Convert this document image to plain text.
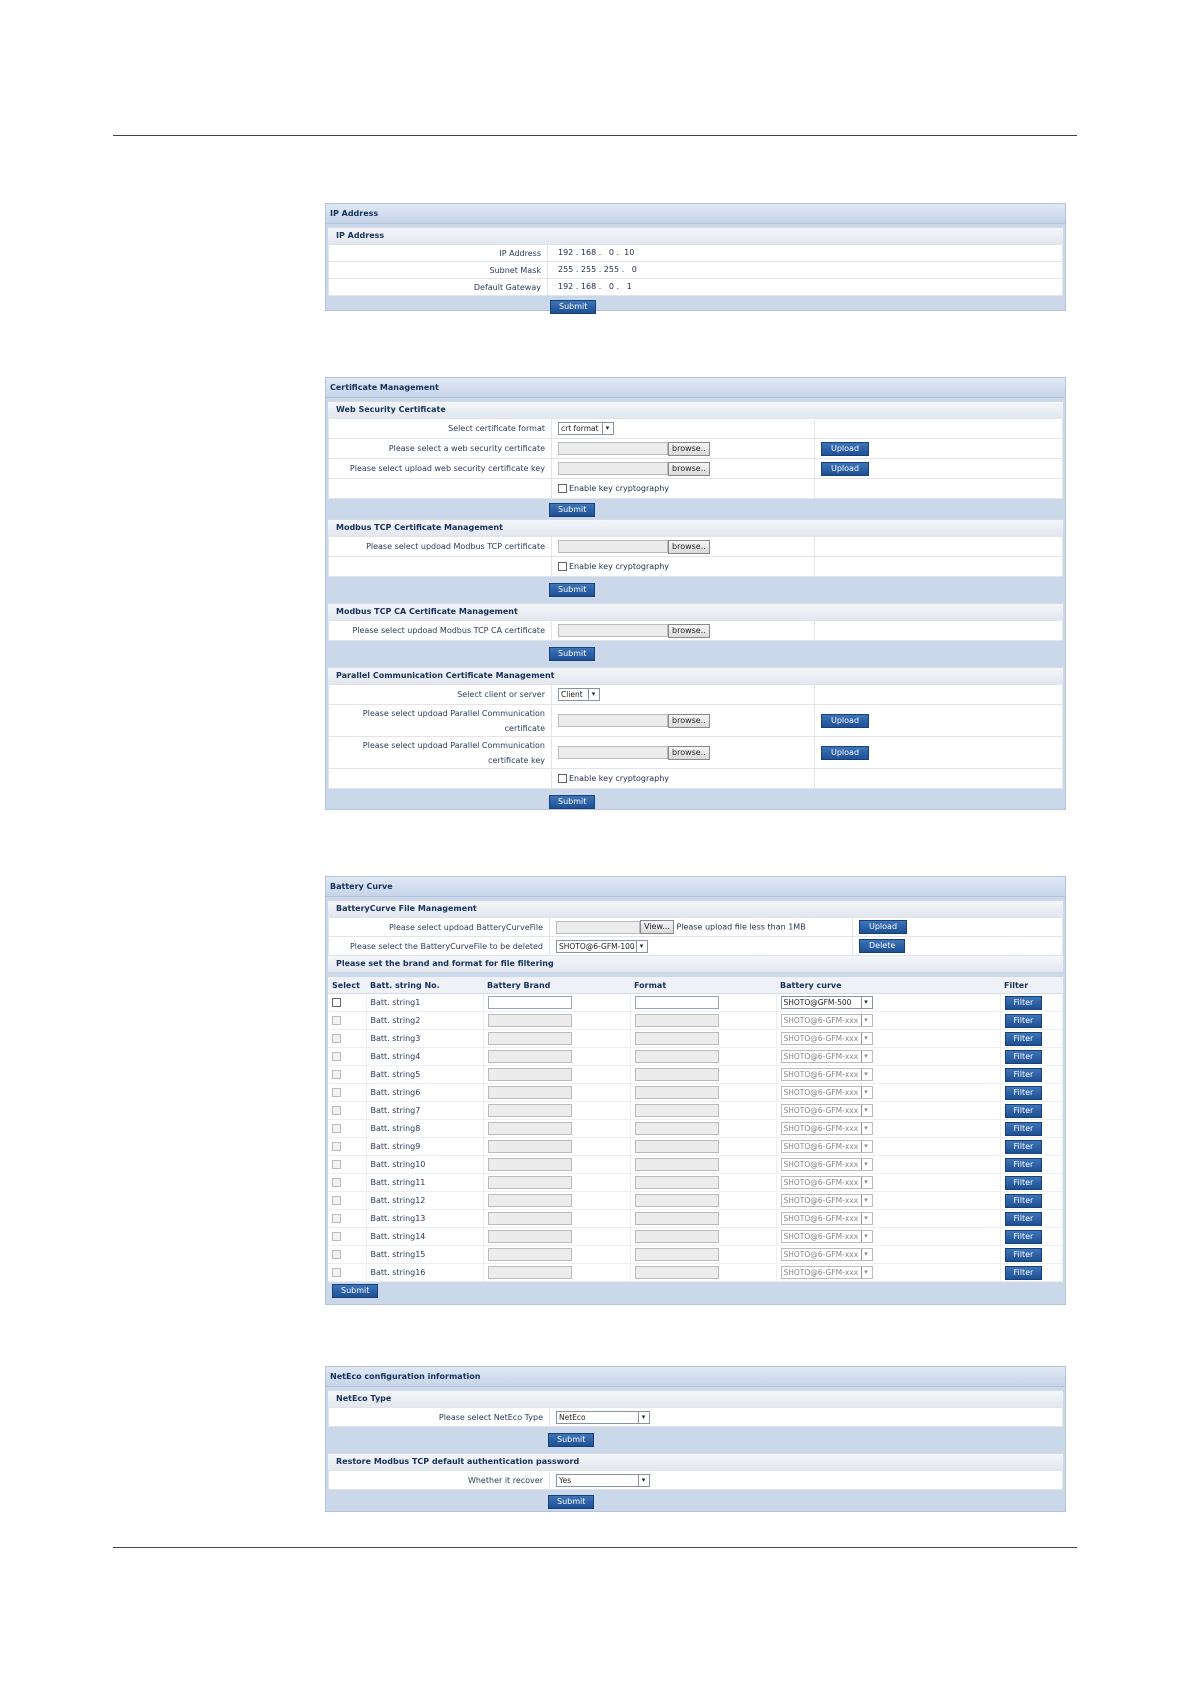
IP Address
IP Address
IP Address	192 . 168 .   0 .  10
Subnet Mask	255 . 255 . 255 .   0
Default Gateway	192 . 168 .   0 .   1
Submit
Certificate Management
Web Security Certificate
Select certificate format	crt format ▾	

Please select a web security certificate	browse..	Upload
Please select upload web security certificate key	browse..	Upload
	Enable key cryptography	
Submit
Modbus TCP Certificate Management
Please select updoad Modbus TCP certificate	browse..	
	Enable key cryptography	
Submit
Modbus TCP CA Certificate Management
Please select updoad Modbus TCP CA certificate	browse..	
Submit
Parallel Communication Certificate Management
Select client or server	Client ▾	

Please select updoad Parallel Communication
certificate	browse..	Upload
Please select updoad Parallel Communication
certificate key	browse..	Upload
	Enable key cryptography	
Submit
Battery Curve
BatteryCurve File Management
Please select updoad BatteryCurveFile	View... Please upload file less than 1MB	Upload
Please select the BatteryCurveFile to be deleted	SHOTO@6-GFM-100 ▾	Delete
Please set the brand and format for file filtering
Select	Batt. string No.	Battery Brand	Format	Battery curve	Filter
	Batt. string1			SHOTO@GFM-500 ▾	Filter
	Batt. string2			SHOTO@6-GFM-xxx ▾	Filter
	Batt. string3			SHOTO@6-GFM-xxx ▾	Filter
	Batt. string4			SHOTO@6-GFM-xxx ▾	Filter
	Batt. string5			SHOTO@6-GFM-xxx ▾	Filter
	Batt. string6			SHOTO@6-GFM-xxx ▾	Filter
	Batt. string7			SHOTO@6-GFM-xxx ▾	Filter
	Batt. string8			SHOTO@6-GFM-xxx ▾	Filter
	Batt. string9			SHOTO@6-GFM-xxx ▾	Filter
	Batt. string10			SHOTO@6-GFM-xxx ▾	Filter
	Batt. string11			SHOTO@6-GFM-xxx ▾	Filter
	Batt. string12			SHOTO@6-GFM-xxx ▾	Filter
	Batt. string13			SHOTO@6-GFM-xxx ▾	Filter
	Batt. string14			SHOTO@6-GFM-xxx ▾	Filter
	Batt. string15			SHOTO@6-GFM-xxx ▾	Filter
	Batt. string16			SHOTO@6-GFM-xxx ▾	Filter
Submit
NetEco configuration information
NetEco Type
Please select NetEco Type	NetEco	▾
Submit
Restore Modbus TCP default authentication password
Whether it recover	Yes	▾
Submit
